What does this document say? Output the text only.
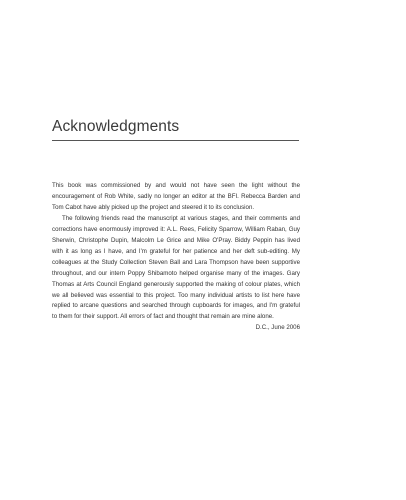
Acknowledgments

This book was commissioned by and would not have seen the light without the encouragement of Rob White, sadly no longer an editor at the BFI. Rebecca Barden and Tom Cabot have ably picked up the project and steered it to its conclusion.

The following friends read the manuscript at various stages, and their comments and corrections have enormously improved it: A.L. Rees, Felicity Sparrow, William Raban, Guy Sherwin, Christophe Dupin, Malcolm Le Grice and Mike O'Pray. Biddy Peppin has lived with it as long as I have, and I'm grateful for her patience and her deft sub-editing. My colleagues at the Study Collection Steven Ball and Lara Thompson have been supportive throughout, and our intern Poppy Shibamoto helped organise many of the images. Gary Thomas at Arts Council England generously supported the making of colour plates, which we all believed was essential to this project. Too many individual artists to list here have replied to arcane questions and searched through cupboards for images, and I'm grateful to them for their support. All errors of fact and thought that remain are mine alone.

D.C., June 2006
